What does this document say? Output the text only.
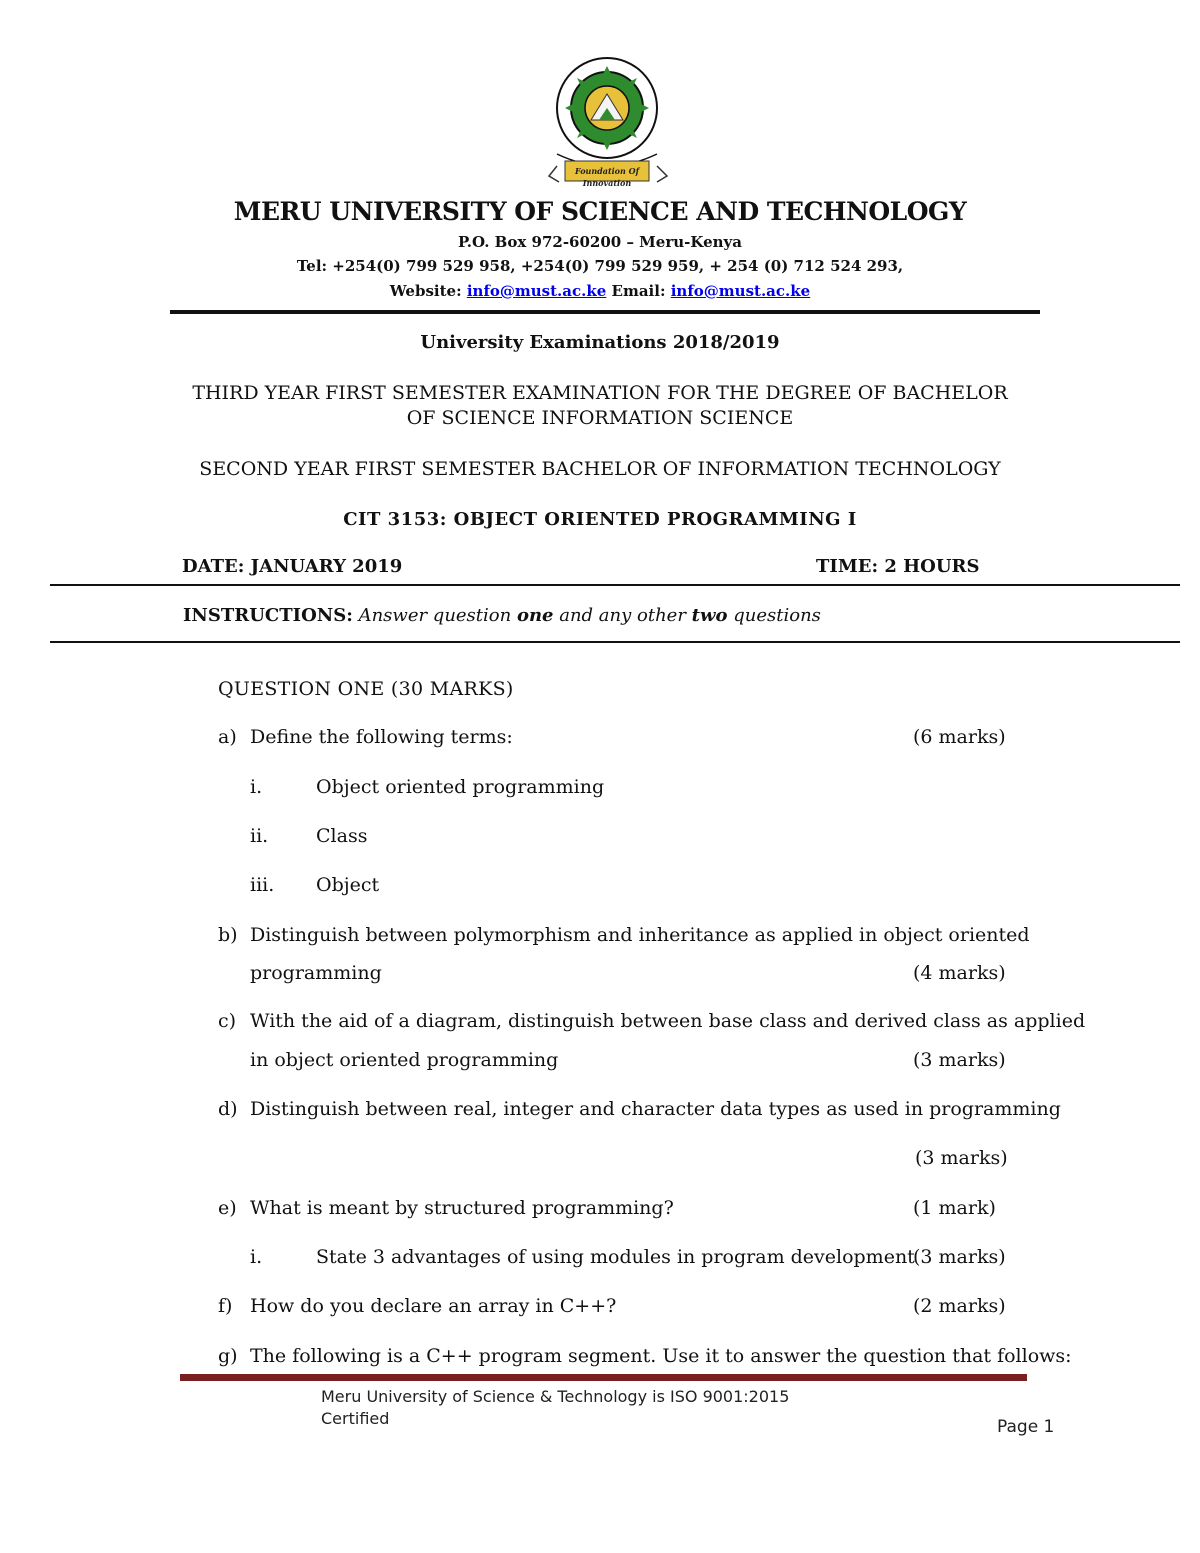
Foundation Of Innovation
MERU UNIVERSITY OF SCIENCE AND TECHNOLOGY
P.O. Box 972-60200 – Meru-Kenya
Tel: +254(0) 799 529 958, +254(0) 799 529 959, + 254 (0) 712 524 293,
Website: info@must.ac.ke Email: info@must.ac.ke
University Examinations 2018/2019
THIRD YEAR FIRST SEMESTER EXAMINATION FOR THE DEGREE OF BACHELOR
OF SCIENCE INFORMATION SCIENCE
SECOND YEAR FIRST SEMESTER BACHELOR OF INFORMATION TECHNOLOGY
CIT 3153: OBJECT ORIENTED PROGRAMMING I
DATE: JANUARY 2019	TIME: 2 HOURS
INSTRUCTIONS: Answer question one and any other two questions
QUESTION ONE (30 MARKS)
a) Define the following terms:	(6 marks)
i.	Object oriented programming
ii.	Class
iii. Object
b) Distinguish between polymorphism and inheritance as applied in object oriented
programming	(4 marks)
c) With the aid of a diagram, distinguish between base class and derived class as applied
in object oriented programming	(3 marks)
d) Distinguish between real, integer and character data types as used in programming
(3 marks)
e) What is meant by structured programming?	(1 mark)
i.	State 3 advantages of using modules in program development
(3 marks)
f) How do you declare an array in C++?	(2 marks)
g) The following is a C++ program segment. Use it to answer the question that follows:
Meru University of Science & Technology is ISO 9001:2015
Certified	Page 1
